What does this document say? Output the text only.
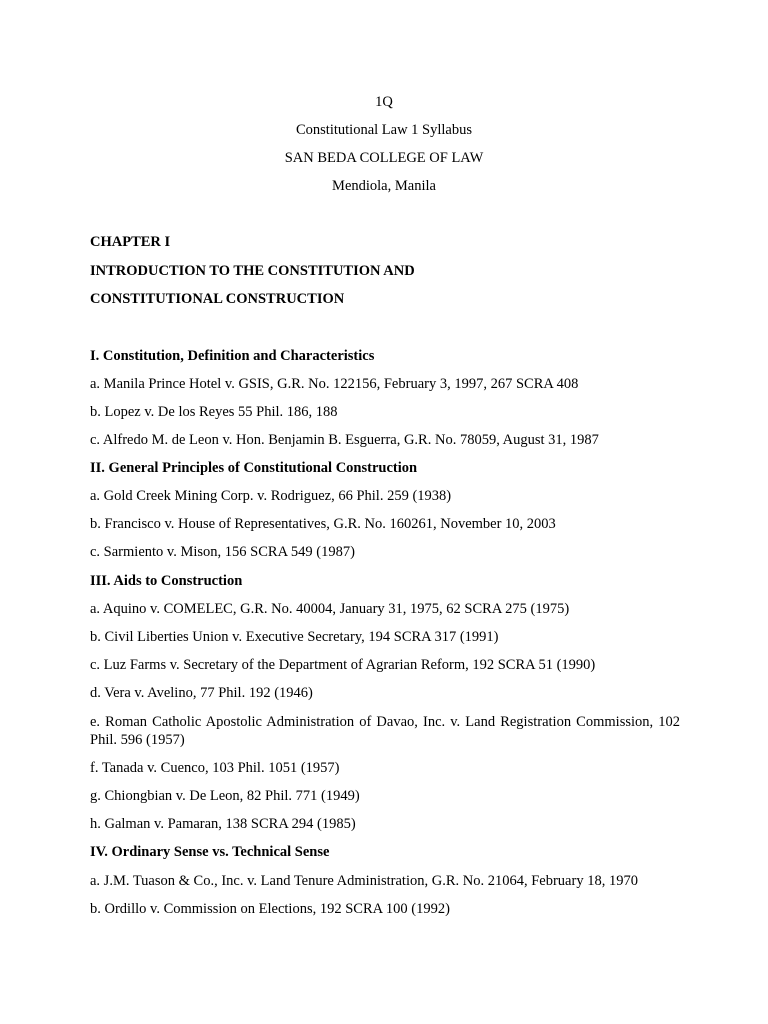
1Q
Constitutional Law 1 Syllabus
SAN BEDA COLLEGE OF LAW
Mendiola, Manila
CHAPTER I
INTRODUCTION TO THE CONSTITUTION AND
CONSTITUTIONAL CONSTRUCTION
I. Constitution, Definition and Characteristics
a. Manila Prince Hotel v. GSIS, G.R. No. 122156, February 3, 1997, 267 SCRA 408
b. Lopez v. De los Reyes 55 Phil. 186, 188
c. Alfredo M. de Leon v. Hon. Benjamin B. Esguerra, G.R. No. 78059, August 31, 1987
II. General Principles of Constitutional Construction
a. Gold Creek Mining Corp. v. Rodriguez, 66 Phil. 259 (1938)
b. Francisco v. House of Representatives, G.R. No. 160261, November 10, 2003
c. Sarmiento v. Mison, 156 SCRA 549 (1987)
III. Aids to Construction
a. Aquino v. COMELEC, G.R. No. 40004, January 31, 1975, 62 SCRA 275 (1975)
b. Civil Liberties Union v. Executive Secretary, 194 SCRA 317 (1991)
c. Luz Farms v. Secretary of the Department of Agrarian Reform, 192 SCRA 51 (1990)
d. Vera v. Avelino, 77 Phil. 192 (1946)
e. Roman Catholic Apostolic Administration of Davao, Inc. v. Land Registration Commission, 102 Phil. 596 (1957)
f. Tanada v. Cuenco, 103 Phil. 1051 (1957)
g. Chiongbian v. De Leon, 82 Phil. 771 (1949)
h. Galman v. Pamaran, 138 SCRA 294 (1985)
IV. Ordinary Sense vs. Technical Sense
a. J.M. Tuason & Co., Inc. v. Land Tenure Administration, G.R. No. 21064, February 18, 1970
b. Ordillo v. Commission on Elections, 192 SCRA 100 (1992)
